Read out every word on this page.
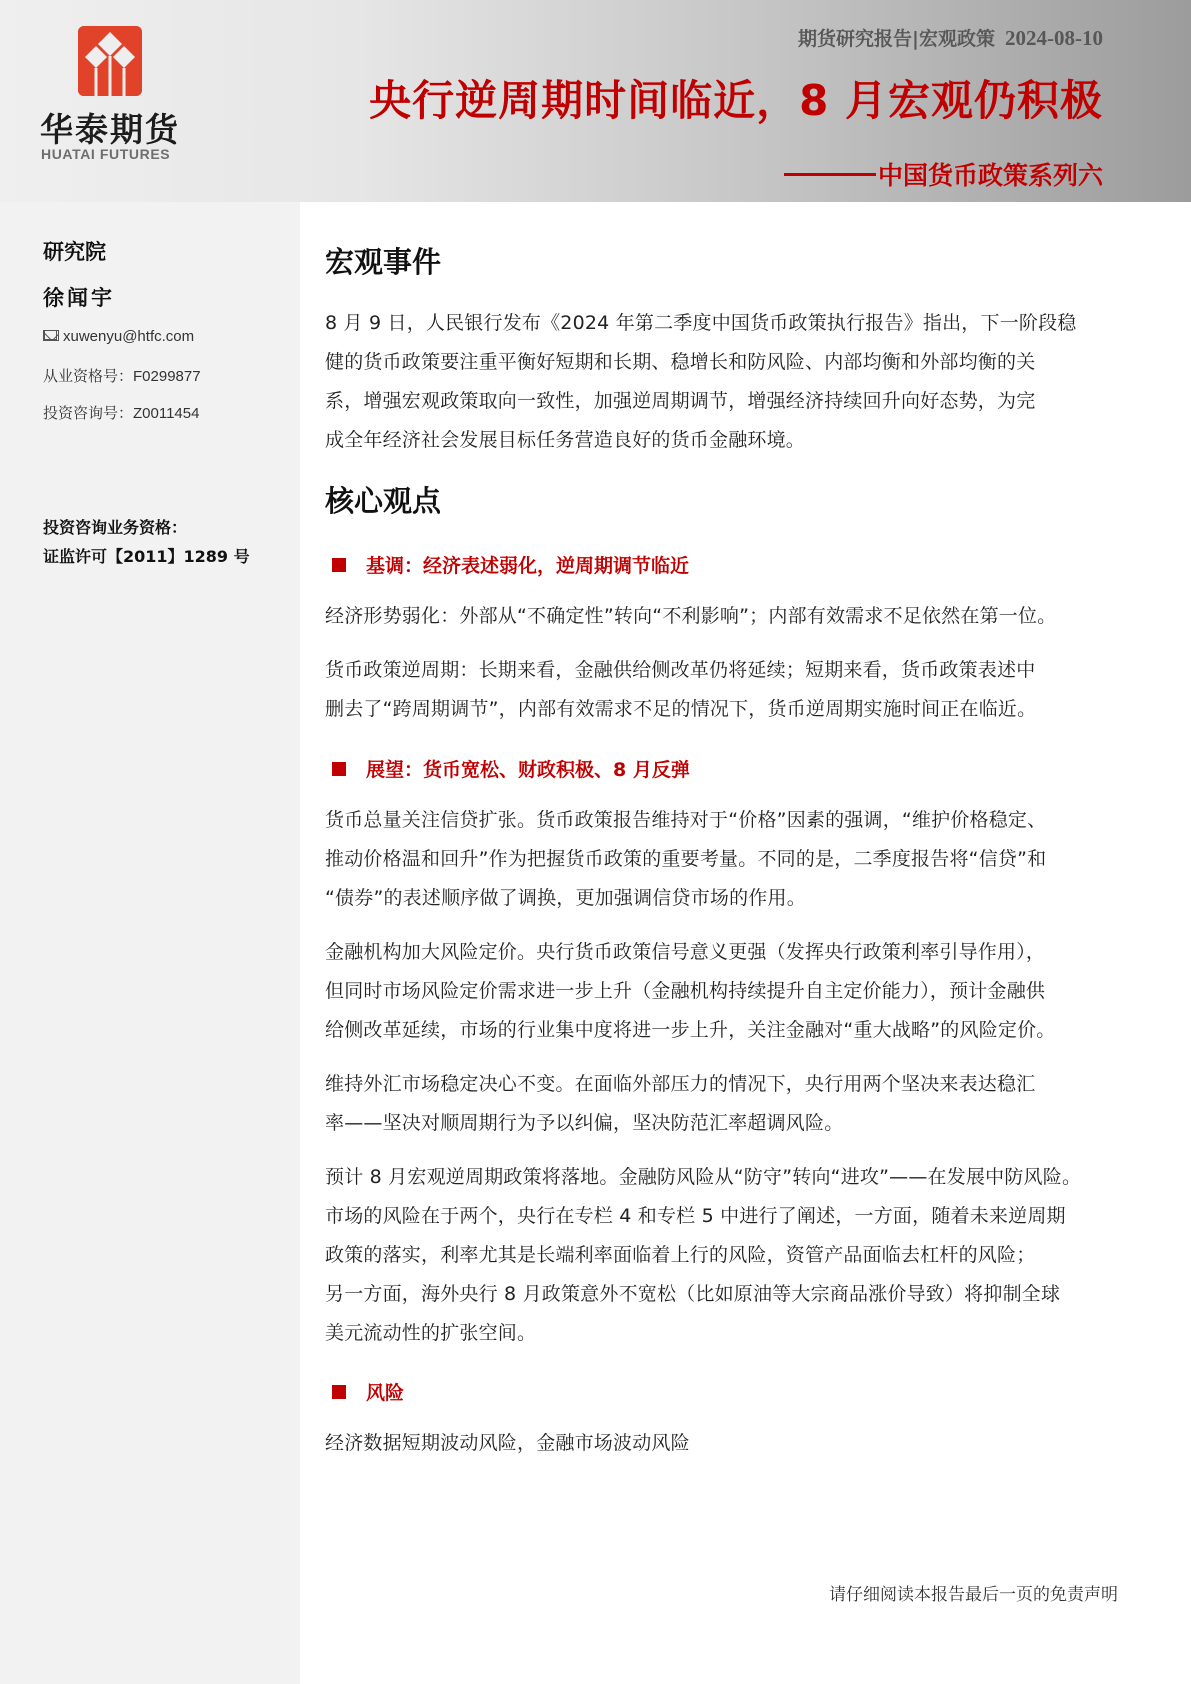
华泰期货
HUATAI FUTURES
期货研究报告|宏观政策 2024-08-10
央行逆周期时间临近，8 月宏观仍积极
中国货币政策系列六
研究院
徐闻宇
xuwenyu@htfc.com
从业资格号：F0299877
投资咨询号：Z0011454
投资咨询业务资格：
证监许可【2011】1289 号
宏观事件
8 月 9 日，人民银行发布《2024 年第二季度中国货币政策执行报告》指出，下一阶段稳
健的货币政策要注重平衡好短期和长期、稳增长和防风险、内部均衡和外部均衡的关
系，增强宏观政策取向一致性，加强逆周期调节，增强经济持续回升向好态势，为完
成全年经济社会发展目标任务营造良好的货币金融环境。
核心观点
基调：经济表述弱化，逆周期调节临近
经济形势弱化：外部从“不确定性”转向“不利影响”；内部有效需求不足依然在第一位。
货币政策逆周期：长期来看，金融供给侧改革仍将延续；短期来看，货币政策表述中
删去了“跨周期调节”，内部有效需求不足的情况下，货币逆周期实施时间正在临近。
展望：货币宽松、财政积极、8 月反弹
货币总量关注信贷扩张。货币政策报告维持对于“价格”因素的强调，“维护价格稳定、
推动价格温和回升”作为把握货币政策的重要考量。不同的是，二季度报告将“信贷”和
“债券”的表述顺序做了调换，更加强调信贷市场的作用。
金融机构加大风险定价。央行货币政策信号意义更强（发挥央行政策利率引导作用），
但同时市场风险定价需求进一步上升（金融机构持续提升自主定价能力），预计金融供
给侧改革延续，市场的行业集中度将进一步上升，关注金融对“重大战略”的风险定价。
维持外汇市场稳定决心不变。在面临外部压力的情况下，央行用两个坚决来表达稳汇
率——坚决对顺周期行为予以纠偏，坚决防范汇率超调风险。
预计 8 月宏观逆周期政策将落地。金融防风险从“防守”转向“进攻”——在发展中防风险。
市场的风险在于两个，央行在专栏 4 和专栏 5 中进行了阐述，一方面，随着未来逆周期
政策的落实，利率尤其是长端利率面临着上行的风险，资管产品面临去杠杆的风险；
另一方面，海外央行 8 月政策意外不宽松（比如原油等大宗商品涨价导致）将抑制全球
美元流动性的扩张空间。
风险
经济数据短期波动风险，金融市场波动风险
请仔细阅读本报告最后一页的免责声明
